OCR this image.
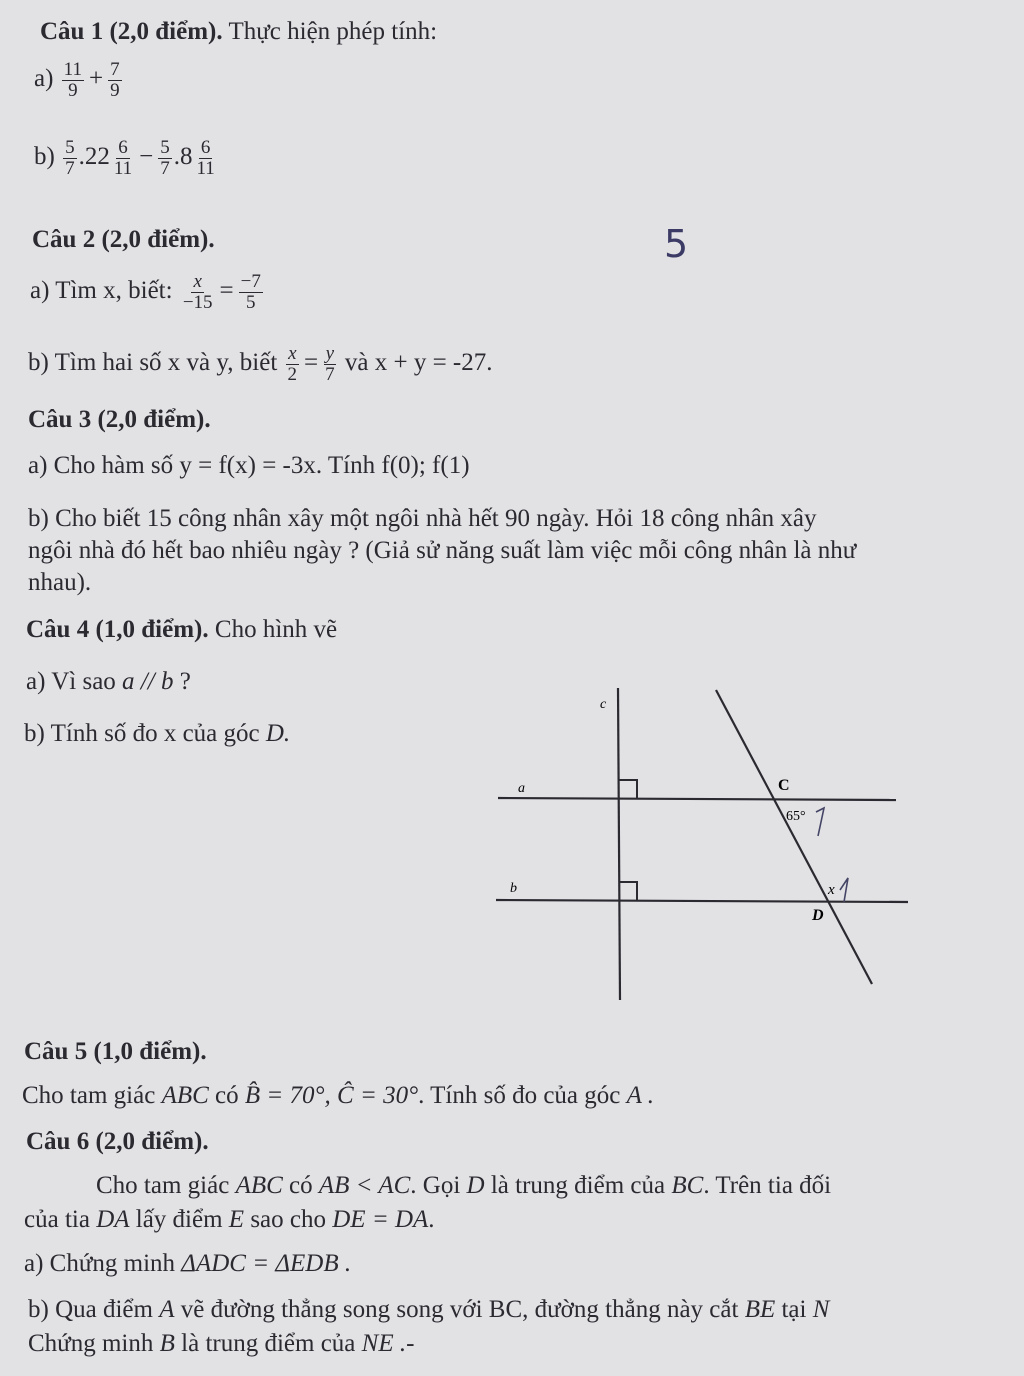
Câu 1 (2,0 điểm). Thực hiện phép tính:
$a) \frac{11}{9} + \frac{7}{9}$
$b) \frac{5}{7} .22 \frac{6}{11} - \frac{5}{7} .8 \frac{6}{11}$
Câu 2 (2,0 điểm).	5
a) Tìm x, biết: $\frac{x}{-15} = \frac{-7}{5}$
b) Tìm hai số x và y, biết $\frac{x}{2} = \frac{y}{7}$ và x + y = -27.
Câu 3 (2,0 điểm).
a) Cho hàm số y = f(x) = -3x. Tính f(0); f(1)
b) Cho biết 15 công nhân xây một ngôi nhà hết 90 ngày. Hỏi 18 công nhân xây
ngôi nhà đó hết bao nhiêu ngày ? (Giả sử năng suất làm việc mỗi công nhân là như
nhau).
Câu 4 (1,0 điểm). Cho hình vẽ
a) Vì sao a // b ?
b) Tính số đo x của góc D.
c
a
b
C
D
65°
x
Câu 5 (1,0 điểm).
Cho tam giác ABC có B̂ = 70°, Ĉ = 30°. Tính số đo của góc A .
Câu 6 (2,0 điểm).
Cho tam giác ABC có AB < AC. Gọi D là trung điểm của BC. Trên tia đối
của tia DA lấy điểm E sao cho DE = DA.
a) Chứng minh ΔADC = ΔEDB .
b) Qua điểm A vẽ đường thẳng song song với BC, đường thẳng này cắt BE tại N
Chứng minh B là trung điểm của NE .-
